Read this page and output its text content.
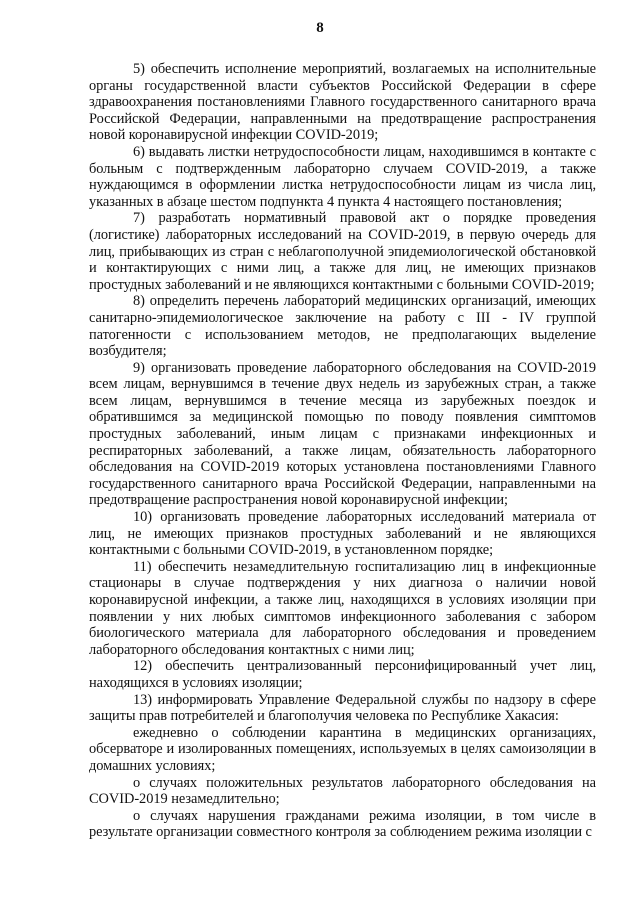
8

5) обеспечить исполнение мероприятий, возлагаемых на исполнительные органы государственной власти субъектов Российской Федерации в сфере здравоохранения постановлениями Главного государственного санитарного врача Российской Федерации, направленными на предотвращение распространения новой коронавирусной инфекции COVID-2019;

6) выдавать листки нетрудоспособности лицам, находившимся в контакте с больным с подтвержденным лабораторно случаем COVID-2019, а также нуждающимся в оформлении листка нетрудоспособности лицам из числа лиц, указанных в абзаце шестом подпункта 4 пункта 4 настоящего постановления;

7) разработать нормативный правовой акт о порядке проведения (логистике) лабораторных исследований на COVID-2019, в первую очередь для лиц, прибывающих из стран с неблагополучной эпидемиологической обстановкой и контактирующих с ними лиц, а также для лиц, не имеющих признаков простудных заболеваний и не являющихся контактными с больными COVID-2019;

8) определить перечень лабораторий медицинских организаций, имеющих санитарно-эпидемиологическое заключение на работу с III - IV группой патогенности с использованием методов, не предполагающих выделение возбудителя;

9) организовать проведение лабораторного обследования на COVID-2019 всем лицам, вернувшимся в течение двух недель из зарубежных стран, а также всем лицам, вернувшимся в течение месяца из зарубежных поездок и обратившимся за медицинской помощью по поводу появления симптомов простудных заболеваний, иным лицам с признаками инфекционных и респираторных заболеваний, а также лицам, обязательность лабораторного обследования на COVID-2019 которых установлена постановлениями Главного государственного санитарного врача Российской Федерации, направленными на предотвращение распространения новой коронавирусной инфекции;

10) организовать проведение лабораторных исследований материала от лиц, не имеющих признаков простудных заболеваний и не являющихся контактными с больными COVID-2019, в установленном порядке;

11) обеспечить незамедлительную госпитализацию лиц в инфекционные стационары в случае подтверждения у них диагноза о наличии новой коронавирусной инфекции, а также лиц, находящихся в условиях изоляции при появлении у них любых симптомов инфекционного заболевания с забором биологического материала для лабораторного обследования и проведением лабораторного обследования контактных с ними лиц;

12) обеспечить централизованный персонифицированный учет лиц, находящихся в условиях изоляции;

13) информировать Управление Федеральной службы по надзору в сфере защиты прав потребителей и благополучия человека по Республике Хакасия:

ежедневно о соблюдении карантина в медицинских организациях, обсерваторе и изолированных помещениях, используемых в целях самоизоляции в домашних условиях;

о случаях положительных результатов лабораторного обследования на COVID-2019 незамедлительно;

о случаях нарушения гражданами режима изоляции, в том числе в результате организации совместного контроля за соблюдением режима изоляции с
